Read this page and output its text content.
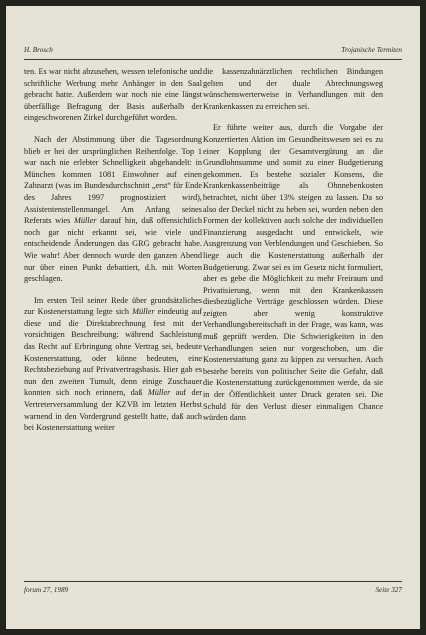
H. Brosch	Trojanische Termiten

ten. Es war nicht abzusehen, wessen telefonische und schriftliche Werbung mehr Anhänger in den Saal gebracht hatte. Außerdem war noch nie eine längst überfällige Befragung der Basis außerhalb der eingeschworenen Zirkel durchgeführt worden.

Nach der Abstimmung über die Tagesordnung blieb er bei der ursprünglichen Reihenfolge. Top 1 war nach nie erlebter Schnelligkeit abgehandelt: in München kommen 1081 Einwohner auf einen Zahnarzt (was im Bundesdurchschnitt „erst“ für Ende des Jahres 1997 prognostiziert wird), Assistentenstellenmangel. Am Anfang seines Referats wies Müller darauf hin, daß offensichtlich noch gar nicht erkannt sei, wie viele und entscheidende Änderungen das GRG gebracht habe. Wie wahr! Aber dennoch wurde den ganzen Abend nur über einen Punkt debattiert, d.h. mit Worten geschlagen.

Im ersten Teil seiner Rede über grundsätzliches zur Kostenerstattung legte sich Müller eindeutig auf diese und die Direktabrechnung fest mit der vorsichtigen Beschreibung: während Sachleistung das Recht auf Erbringung ohne Vertrag sei, bedeute Kostenerstattung, oder könne bedeuten, eine Rechtsbeziehung auf Privatvertragsbasis. Hier gab es nun den zweiten Tumult, denn einige Zuschauer konnten sich noch erinnern, daß Müller auf der Vertreterversammlung der KZVB im letzten Herbst warnend in den Vordergrund gestellt hatte, daß auch bei Kostenerstattung weiter

die kassenzahnärztlichen rechtlichen Bindungen gelten und der duale Abrechnungsweg wünschenswerterweise in Verhandlungen mit den Krankenkassen zu erreichen sei.

Er führte weiter aus, durch die Vorgabe der Konzertierten Aktion im Gesundheitswesen sei es zu einer Kopplung der Gesamtvergütung an die Grundlohnsumme und somit zu einer Budgetierung gekommen. Es bestehe sozialer Konsens, die Krankenkassenbeiträge als Ohnnebenkosten betrachtet, nicht über 13% steigen zu lassen. Da so also der Deckel nicht zu heben sei, wurden neben den Formen der kollektiven auch solche der individuellen Finanzierung ausgedacht und entwickelt, wie Ausgrenzung von Verblendungen und Geschieben. So liege auch die Kostenerstattung außerhalb der Budgetierung. Zwar sei es im Gesetz nicht formuliert, aber es gebe die Möglichkeit zu mehr Freiraum und Privatisierung, wenn mit den Krankenkassen diesbezügliche Verträge geschlossen würden. Diese zeigten aber wenig konstruktive Verhandlungsbereitschaft in der Frage, was kann, was muß geprüft werden. Die Schwierigkeiten in den Verhandlungen seien nur vorgeschoben, um die Kostenerstattung ganz zu kippen zu versuchen. Auch bestehe bereits von politischer Seite die Gefahr, daß die Kostenerstattung zurückgenommen werde, da sie in der Öffentlichkeit unter Druck geraten sei. Die Schuld für den Verlust dieser einmaligen Chance würden dann

forum 27, 1989	Seite 327
